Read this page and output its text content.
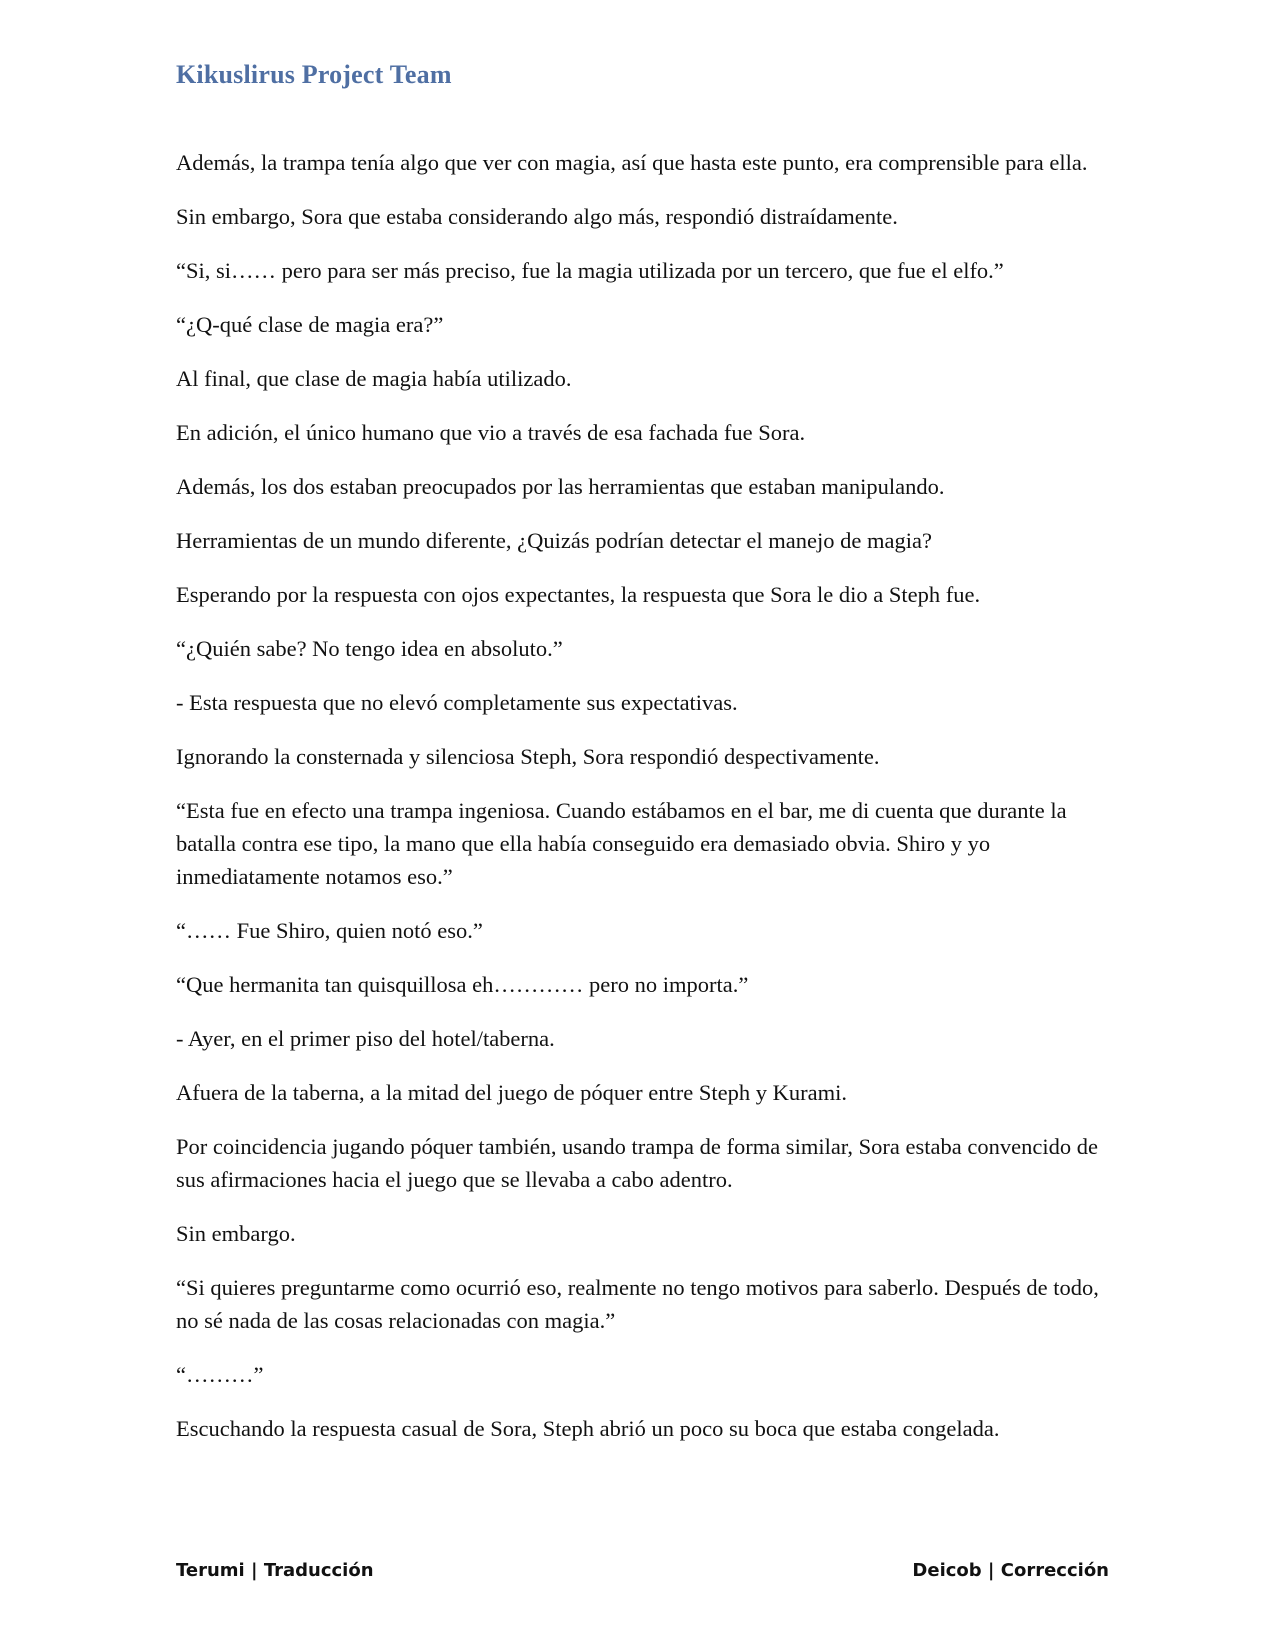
Kikuslirus Project Team

Además, la trampa tenía algo que ver con magia, así que hasta este punto, era comprensible para ella.

Sin embargo, Sora que estaba considerando algo más, respondió distraídamente.

“Si, si…… pero para ser más preciso, fue la magia utilizada por un tercero, que fue el elfo.”

“¿Q-qué clase de magia era?”

Al final, que clase de magia había utilizado.

En adición, el único humano que vio a través de esa fachada fue Sora.

Además, los dos estaban preocupados por las herramientas que estaban manipulando.

Herramientas de un mundo diferente, ¿Quizás podrían detectar el manejo de magia?

Esperando por la respuesta con ojos expectantes, la respuesta que Sora le dio a Steph fue.

“¿Quién sabe? No tengo idea en absoluto.”

- Esta respuesta que no elevó completamente sus expectativas.

Ignorando la consternada y silenciosa Steph, Sora respondió despectivamente.

“Esta fue en efecto una trampa ingeniosa. Cuando estábamos en el bar, me di cuenta que durante la batalla contra ese tipo, la mano que ella había conseguido era demasiado obvia. Shiro y yo inmediatamente notamos eso.”

“…… Fue Shiro, quien notó eso.”

“Que hermanita tan quisquillosa eh………… pero no importa.”

- Ayer, en el primer piso del hotel/taberna.

Afuera de la taberna, a la mitad del juego de póquer entre Steph y Kurami.

Por coincidencia jugando póquer también, usando trampa de forma similar, Sora estaba convencido de sus afirmaciones hacia el juego que se llevaba a cabo adentro.

Sin embargo.

“Si quieres preguntarme como ocurrió eso, realmente no tengo motivos para saberlo. Después de todo, no sé nada de las cosas relacionadas con magia.”

“………”

Escuchando la respuesta casual de Sora, Steph abrió un poco su boca que estaba congelada.

Terumi | Traducción	Deicob | Corrección
